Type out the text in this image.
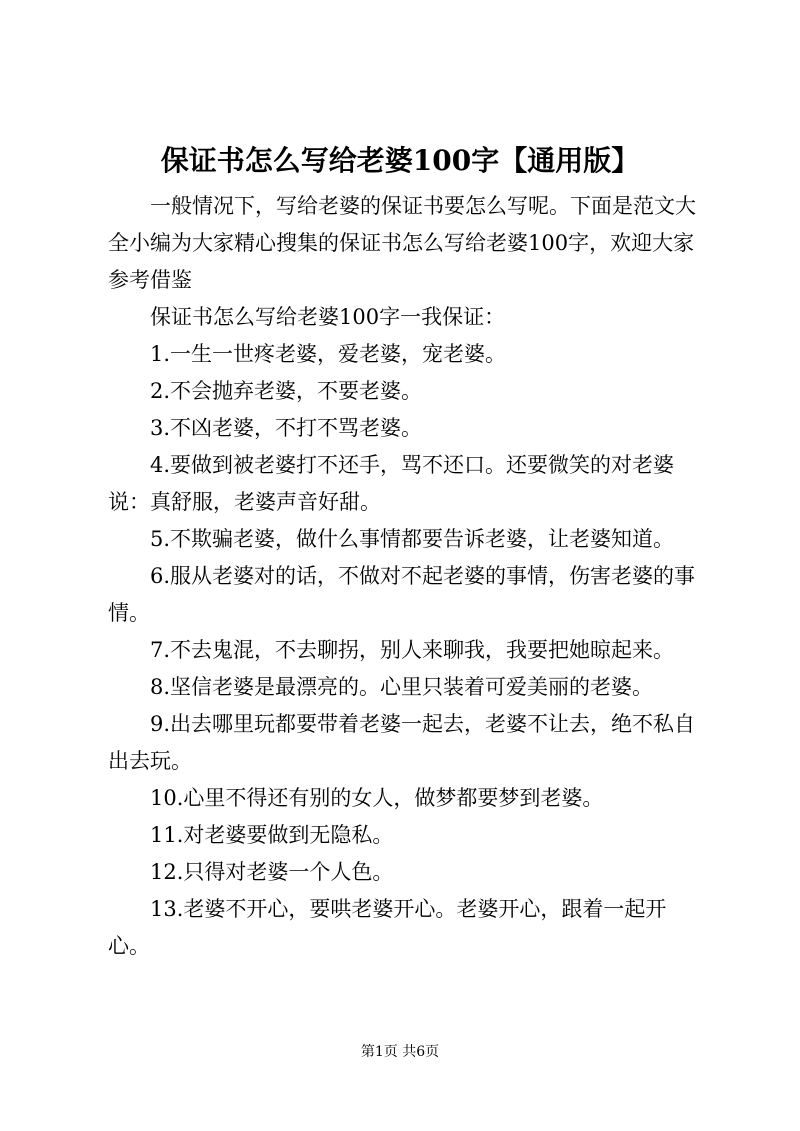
保证书怎么写给老婆100字【通用版】

一般情况下，写给老婆的保证书要怎么写呢。下面是范文大全小编为大家精心搜集的保证书怎么写给老婆100字，欢迎大家参考借鉴

保证书怎么写给老婆100字一我保证：

1.一生一世疼老婆，爱老婆，宠老婆。

2.不会抛弃老婆，不要老婆。

3.不凶老婆，不打不骂老婆。

4.要做到被老婆打不还手，骂不还口。还要微笑的对老婆说：真舒服，老婆声音好甜。

5.不欺骗老婆，做什么事情都要告诉老婆，让老婆知道。

6.服从老婆对的话，不做对不起老婆的事情，伤害老婆的事情。

7.不去鬼混，不去聊拐，别人来聊我，我要把她晾起来。

8.坚信老婆是最漂亮的。心里只装着可爱美丽的老婆。

9.出去哪里玩都要带着老婆一起去，老婆不让去，绝不私自出去玩。

10.心里不得还有别的女人，做梦都要梦到老婆。

11.对老婆要做到无隐私。

12.只得对老婆一个人色。

13.老婆不开心，要哄老婆开心。老婆开心，跟着一起开心。

第1页 共6页
